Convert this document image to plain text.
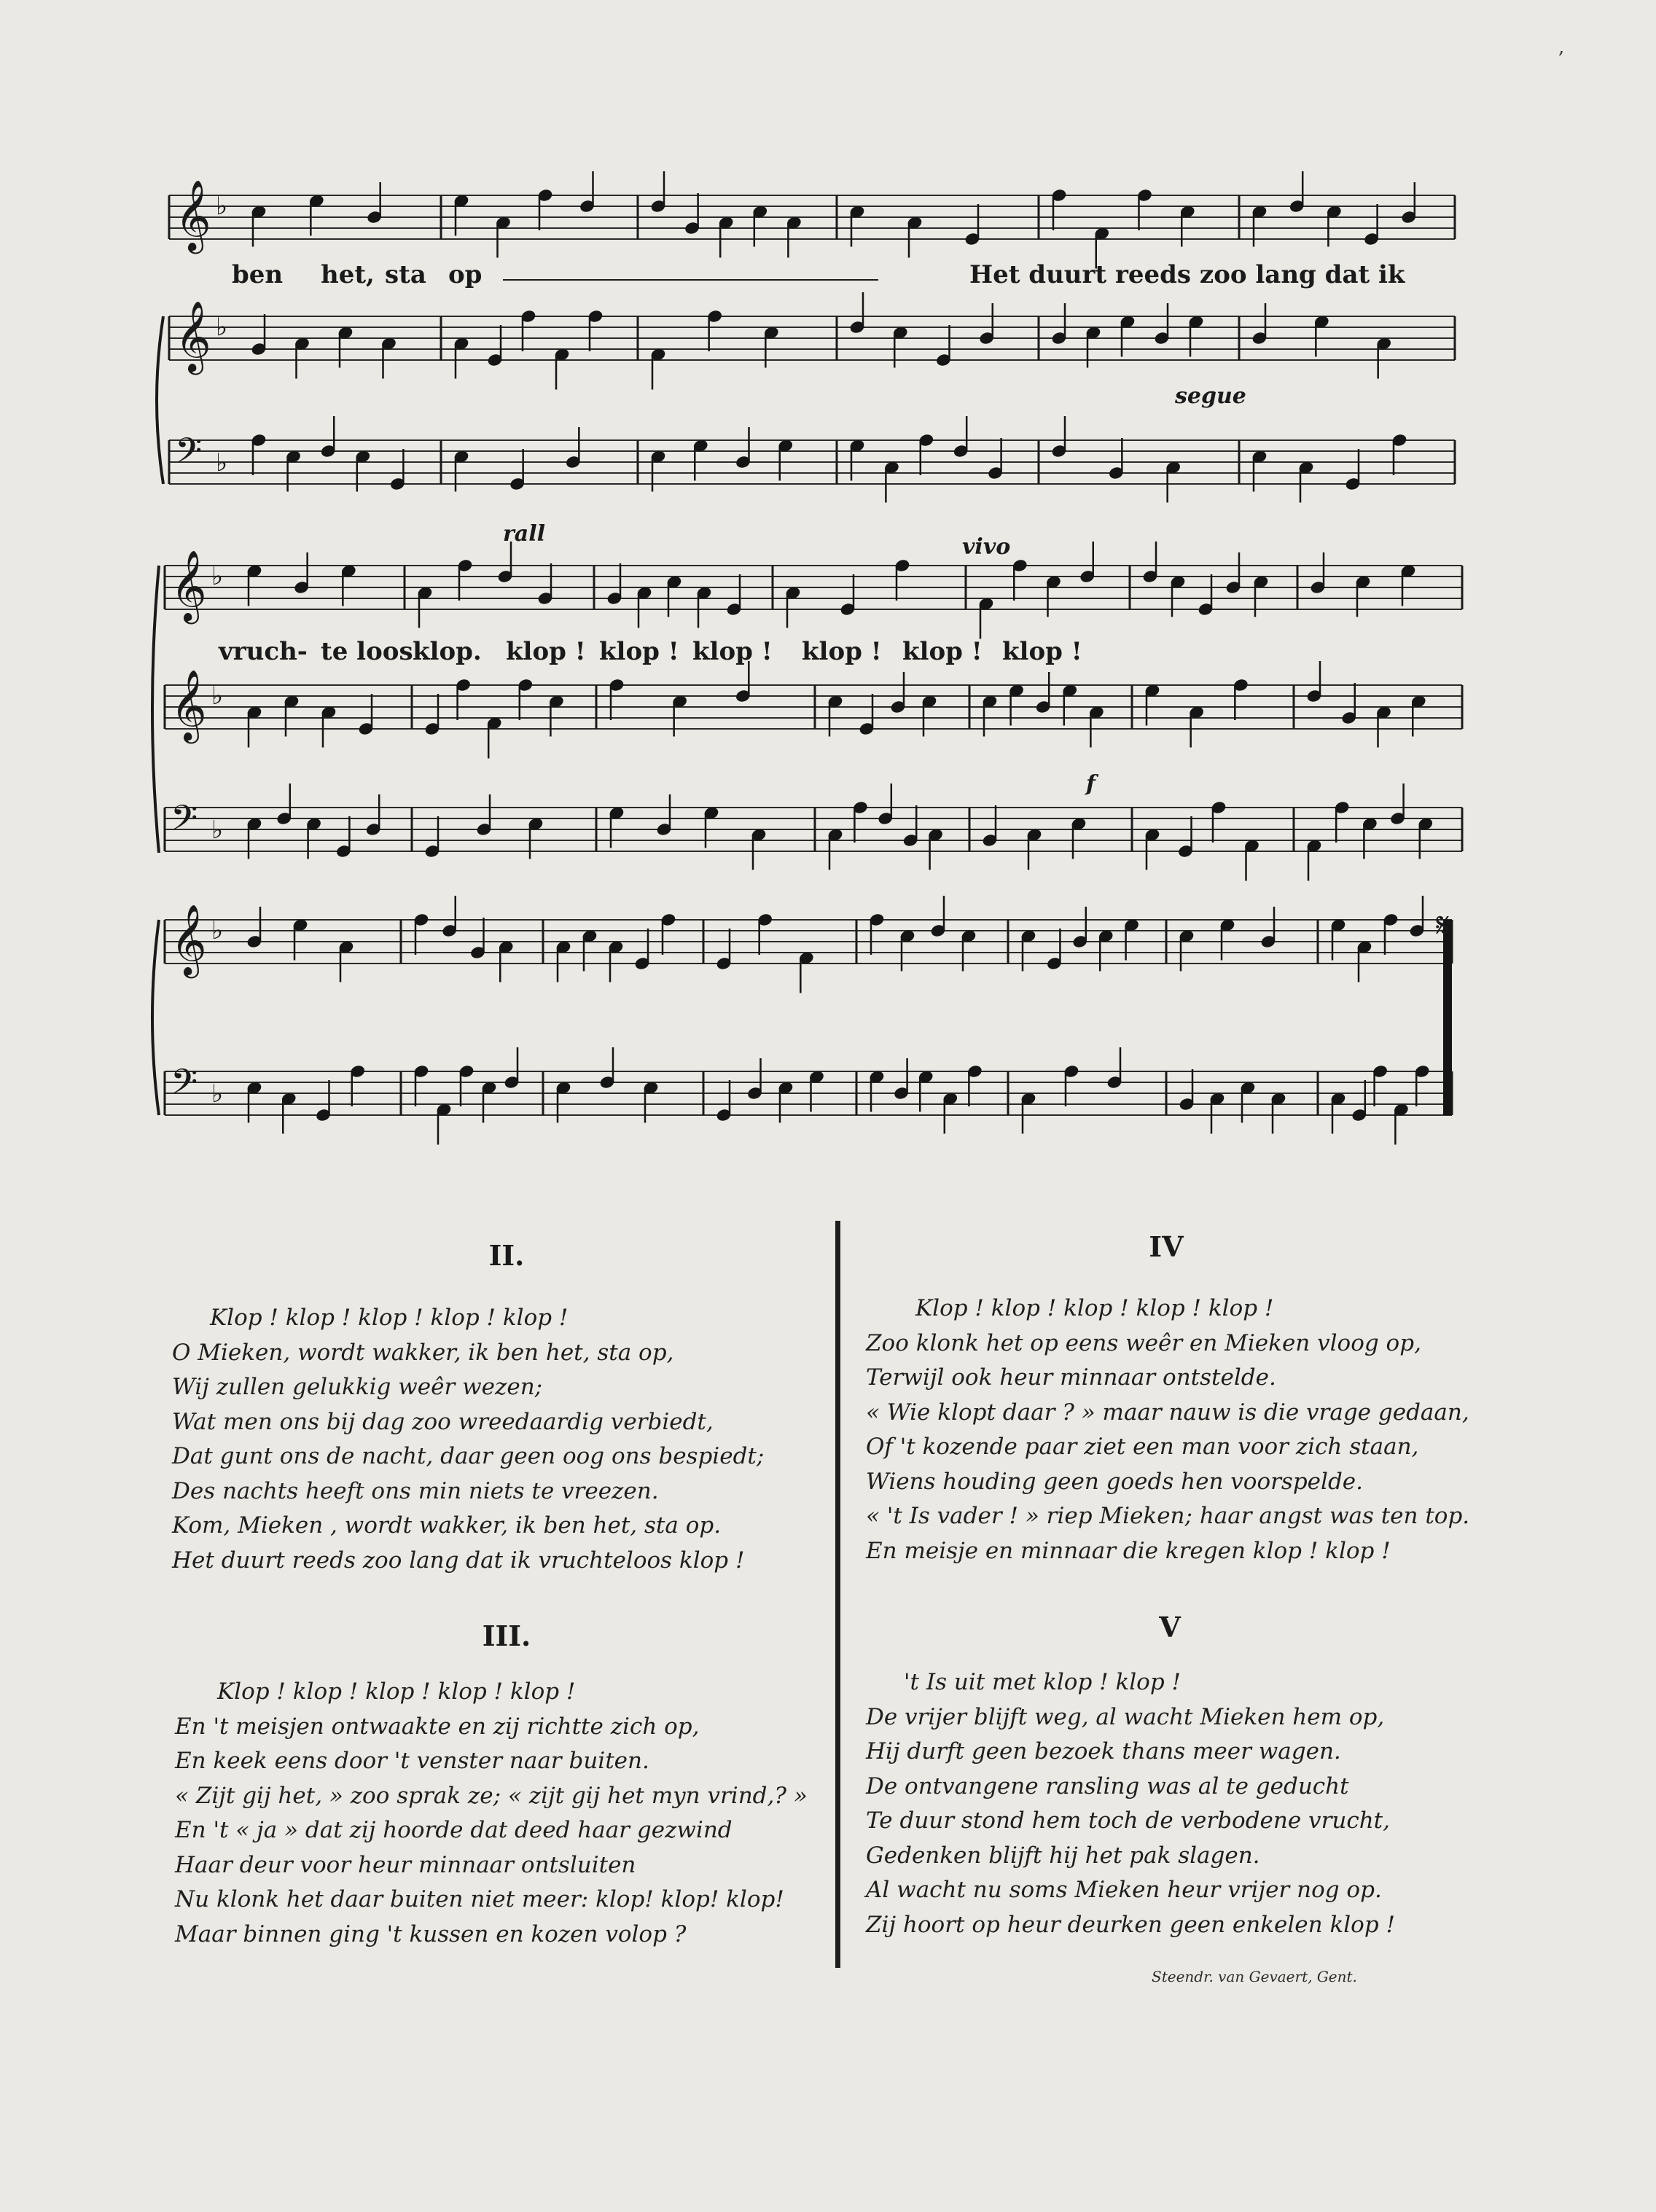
𝄞 ♭
𝄞 ♭
𝄢 ♭
𝄞 ♭
𝄞 ♭
𝄢 ♭
𝄞 ♭
𝄢 ♭
ben het, sta op	Het duurt reeds zoo lang dat ik
segue
rall
vivo
f
𝄋
vruch- te loos klop. klop ! klop ! klop ! klop ! klop ! klop !
,
II.
Klop ! klop ! klop ! klop ! klop !
O Mieken, wordt wakker, ik ben het, sta op,
Wij zullen gelukkig weêr wezen;
Wat men ons bij dag zoo wreedaardig verbiedt,
Dat gunt ons de nacht, daar geen oog ons bespiedt;
Des nachts heeft ons min niets te vreezen.
Kom, Mieken , wordt wakker, ik ben het, sta op.
Het duurt reeds zoo lang dat ik vruchteloos klop !
III.
Klop ! klop ! klop ! klop ! klop !
En 't meisjen ontwaakte en zij richtte zich op,
En keek eens door 't venster naar buiten.
« Zijt gij het, » zoo sprak ze; « zijt gij het myn vrind,? »
En 't « ja » dat zij hoorde dat deed haar gezwind
Haar deur voor heur minnaar ontsluiten
Nu klonk het daar buiten niet meer: klop! klop! klop!
Maar binnen ging 't kussen en kozen volop ?
IV
Klop ! klop ! klop ! klop ! klop !
Zoo klonk het op eens weêr en Mieken vloog op,
Terwijl ook heur minnaar ontstelde.
« Wie klopt daar ? » maar nauw is die vrage gedaan,
Of 't kozende paar ziet een man voor zich staan,
Wiens houding geen goeds hen voorspelde.
« 't Is vader ! » riep Mieken; haar angst was ten top.
En meisje en minnaar die kregen klop ! klop !
V
't Is uit met klop ! klop !
De vrijer blijft weg, al wacht Mieken hem op,
Hij durft geen bezoek thans meer wagen.
De ontvangene ransling was al te geducht
Te duur stond hem toch de verbodene vrucht,
Gedenken blijft hij het pak slagen.
Al wacht nu soms Mieken heur vrijer nog op.
Zij hoort op heur deurken geen enkelen klop !
Steendr. van Gevaert, Gent.
